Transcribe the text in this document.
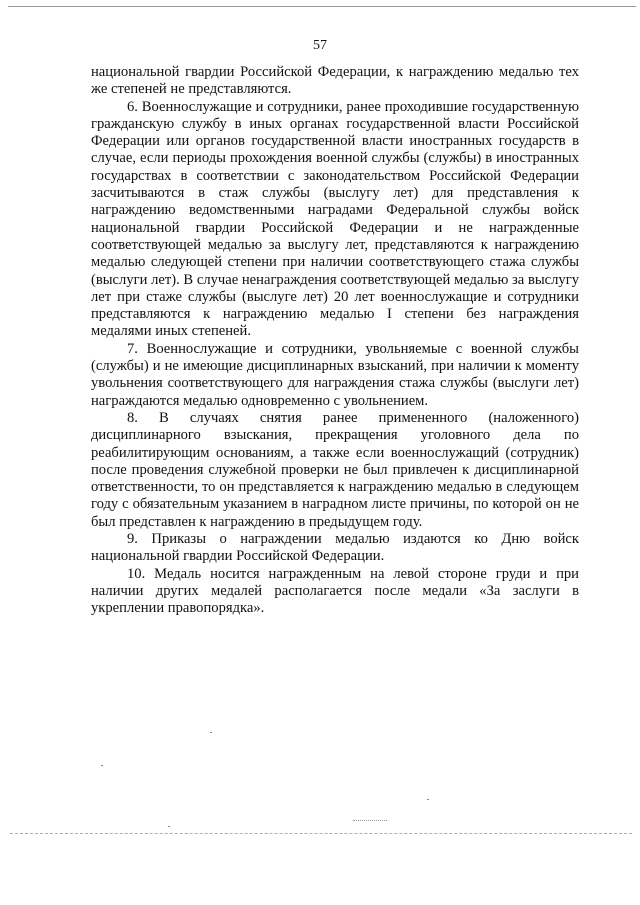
57

национальной гвардии Российской Федерации, к награждению медалью тех же степеней не представляются.

6. Военнослужащие и сотрудники, ранее проходившие государственную гражданскую службу в иных органах государственной власти Российской Федерации или органов государственной власти иностранных государств в случае, если периоды прохождения военной службы (службы) в иностранных государствах в соответствии с законодательством Российской Федерации засчитываются в стаж службы (выслугу лет) для представления к награждению ведомственными наградами Федеральной службы войск национальной гвардии Российской Федерации и не награжденные соответствующей медалью за выслугу лет, представляются к награждению медалью следующей степени при наличии соответствующего стажа службы (выслуги лет). В случае ненаграждения соответствующей медалью за выслугу лет при стаже службы (выслуге лет) 20 лет военнослужащие и сотрудники представляются к награждению медалью I степени без награждения медалями иных степеней.

7. Военнослужащие и сотрудники, увольняемые с военной службы (службы) и не имеющие дисциплинарных взысканий, при наличии к моменту увольнения соответствующего для награждения стажа службы (выслуги лет) награждаются медалью одновременно с увольнением.

8. В случаях снятия ранее примененного (наложенного) дисциплинарного взыскания, прекращения уголовного дела по реабилитирующим основаниям, а также если военнослужащий (сотрудник) после проведения служебной проверки не был привлечен к дисциплинарной ответственности, то он представляется к награждению медалью в следующем году с обязательным указанием в наградном листе причины, по которой он не был представлен к награждению в предыдущем году.

9. Приказы о награждении медалью издаются ко Дню войск национальной гвардии Российской Федерации.

10. Медаль носится награжденным на левой стороне груди и при наличии других медалей располагается после медали «За заслуги в укреплении правопорядка».
